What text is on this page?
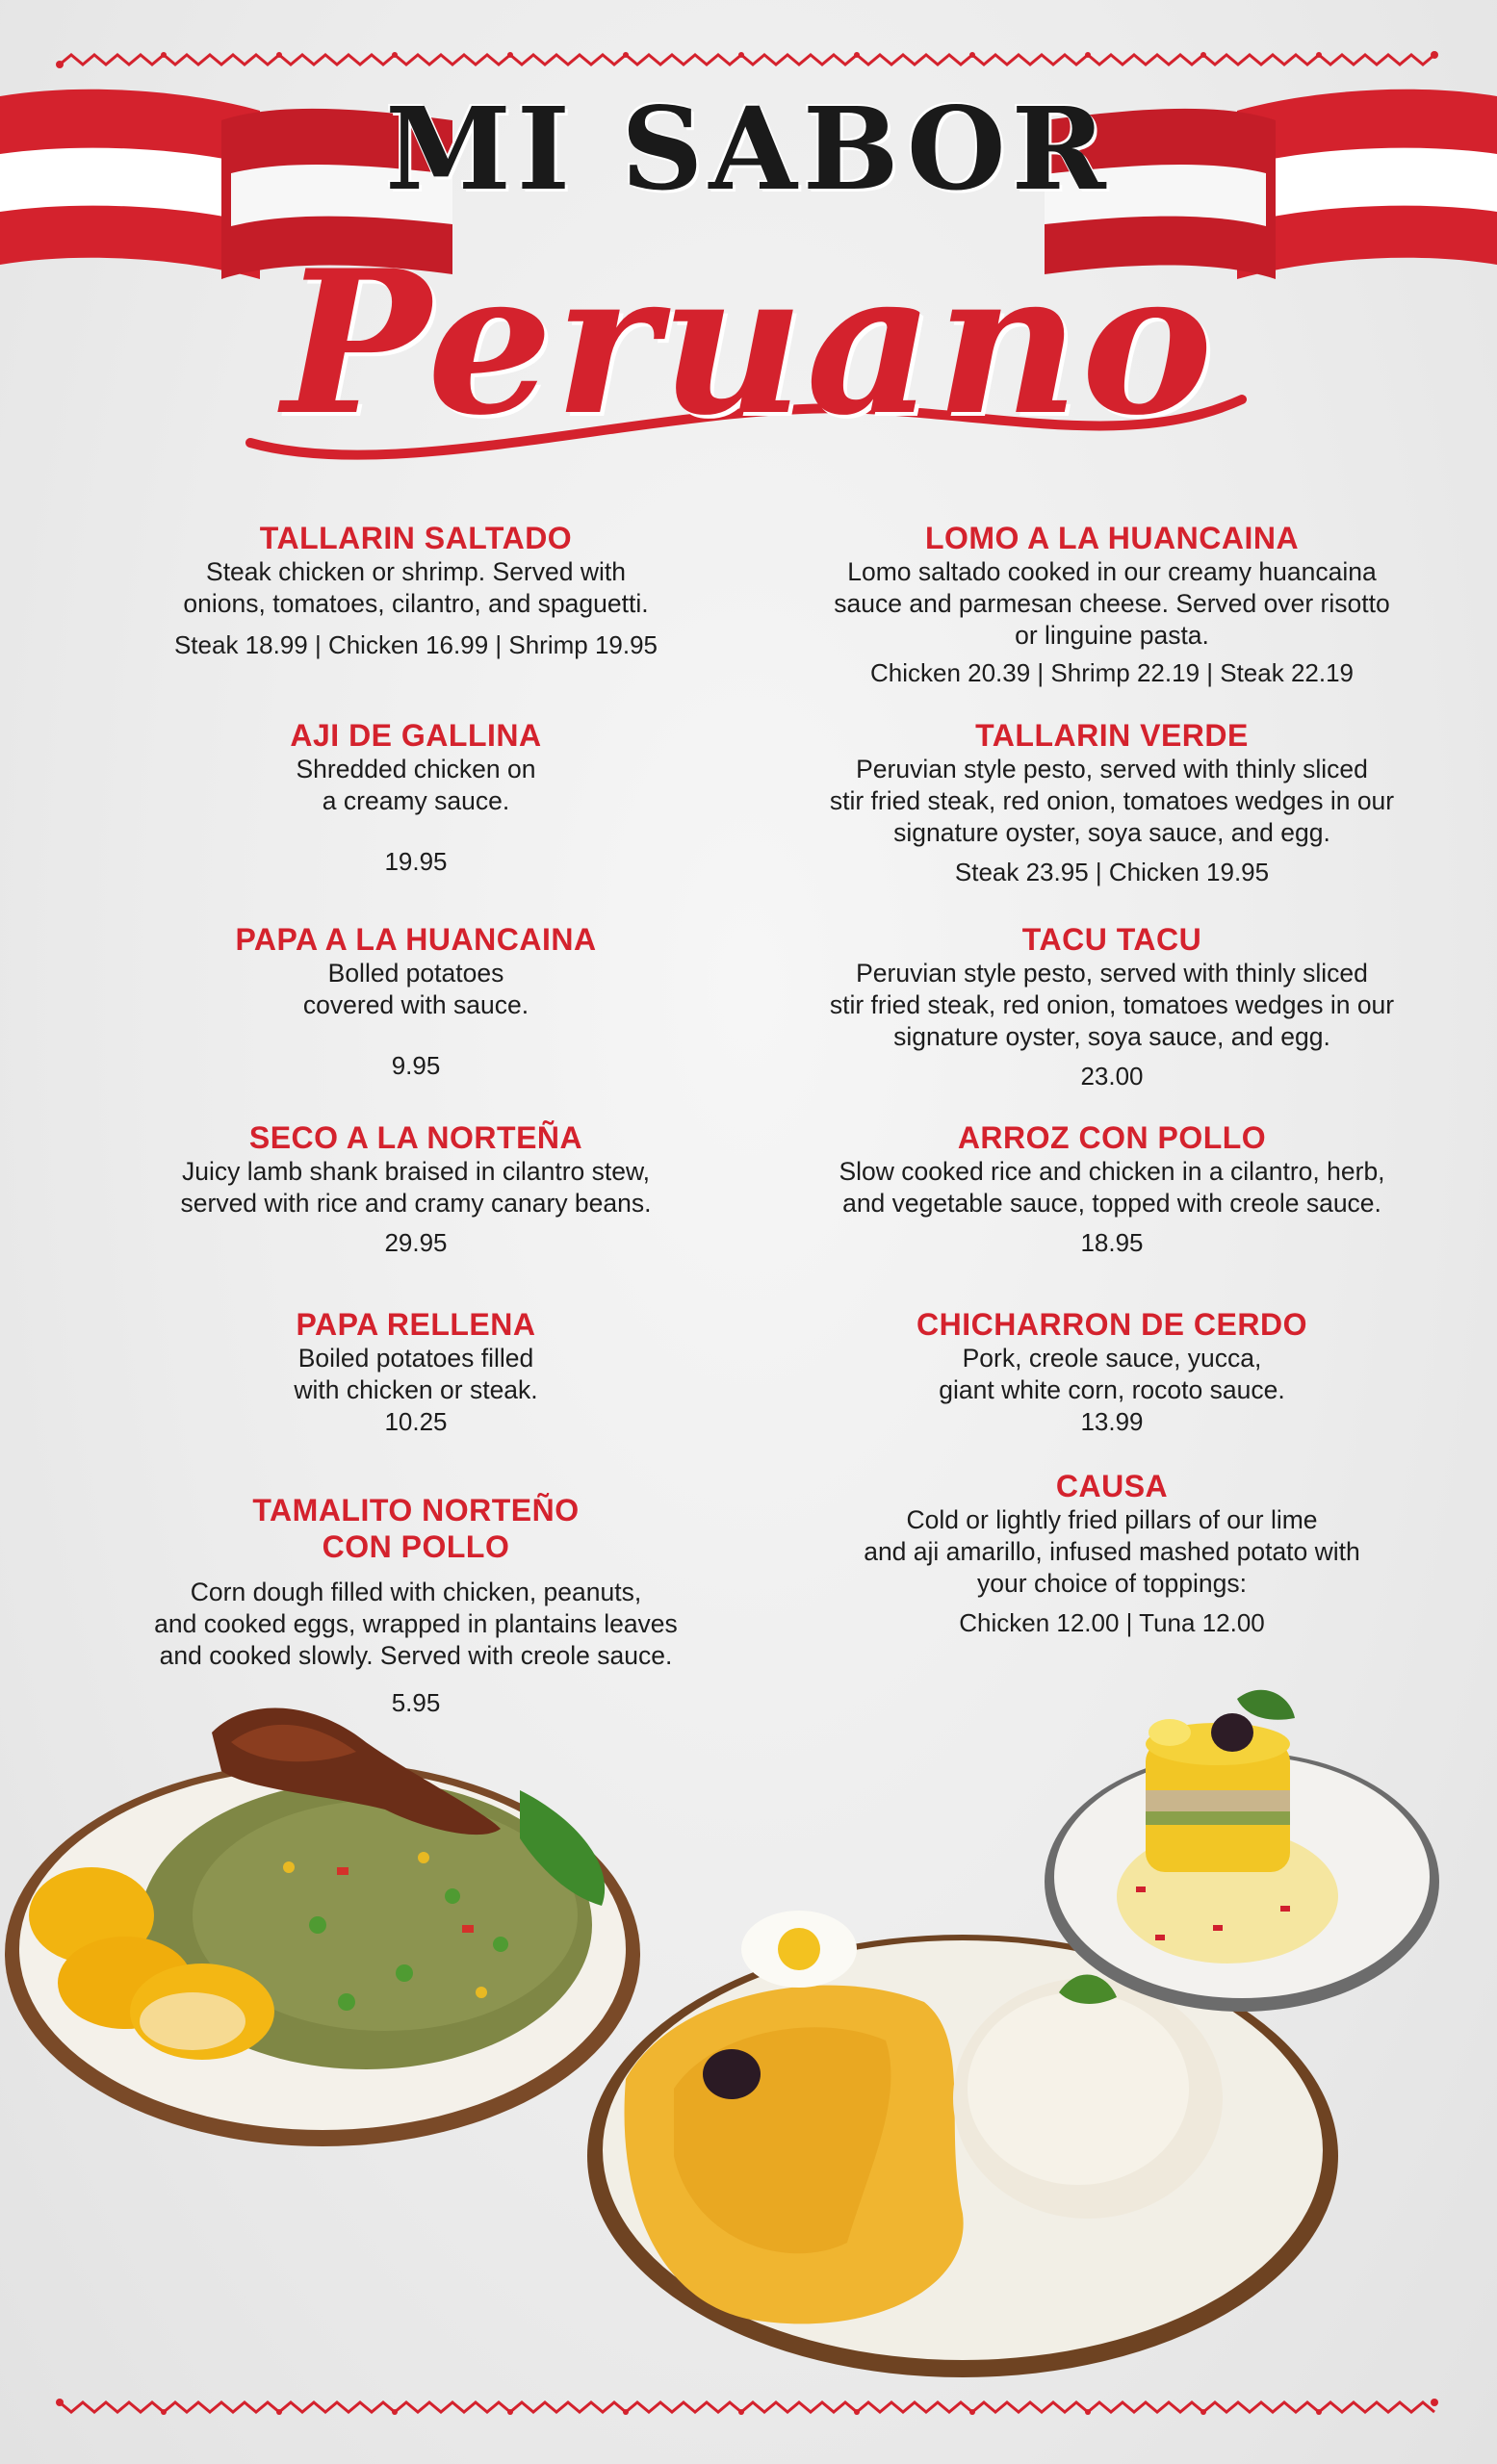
MI SABOR
Peruano
TALLARIN SALTADO
Steak chicken or shrimp. Served with
onions, tomatoes, cilantro, and spaguetti.
Steak 18.99 | Chicken 16.99 | Shrimp 19.95
AJI DE GALLINA
Shredded chicken on
a creamy sauce.
19.95
PAPA A LA HUANCAINA
Bolled potatoes
covered with sauce.
9.95
SECO A LA NORTEÑA
Juicy lamb shank braised in cilantro stew,
served with rice and cramy canary beans.
29.95
PAPA RELLENA
Boiled potatoes filled
with chicken or steak.
10.25
TAMALITO NORTEÑO
CON POLLO
Corn dough filled with chicken, peanuts,
and cooked eggs, wrapped in plantains leaves
and cooked slowly. Served with creole sauce.
5.95
LOMO A LA HUANCAINA
Lomo saltado cooked in our creamy huancaina
sauce and parmesan cheese. Served over risotto
or linguine pasta.
Chicken 20.39 | Shrimp 22.19 | Steak 22.19
TALLARIN VERDE
Peruvian style pesto, served with thinly sliced
stir fried steak, red onion, tomatoes wedges in our
signature oyster, soya sauce, and egg.
Steak 23.95 | Chicken 19.95
TACU TACU
Peruvian style pesto, served with thinly sliced
stir fried steak, red onion, tomatoes wedges in our
signature oyster, soya sauce, and egg.
23.00
ARROZ CON POLLO
Slow cooked rice and chicken in a cilantro, herb,
and vegetable sauce, topped with creole sauce.
18.95
CHICHARRON DE CERDO
Pork, creole sauce, yucca,
giant white corn, rocoto sauce.
13.99
CAUSA
Cold or lightly fried pillars of our lime
and aji amarillo, infused mashed potato with
your choice of toppings:
Chicken 12.00 | Tuna 12.00
